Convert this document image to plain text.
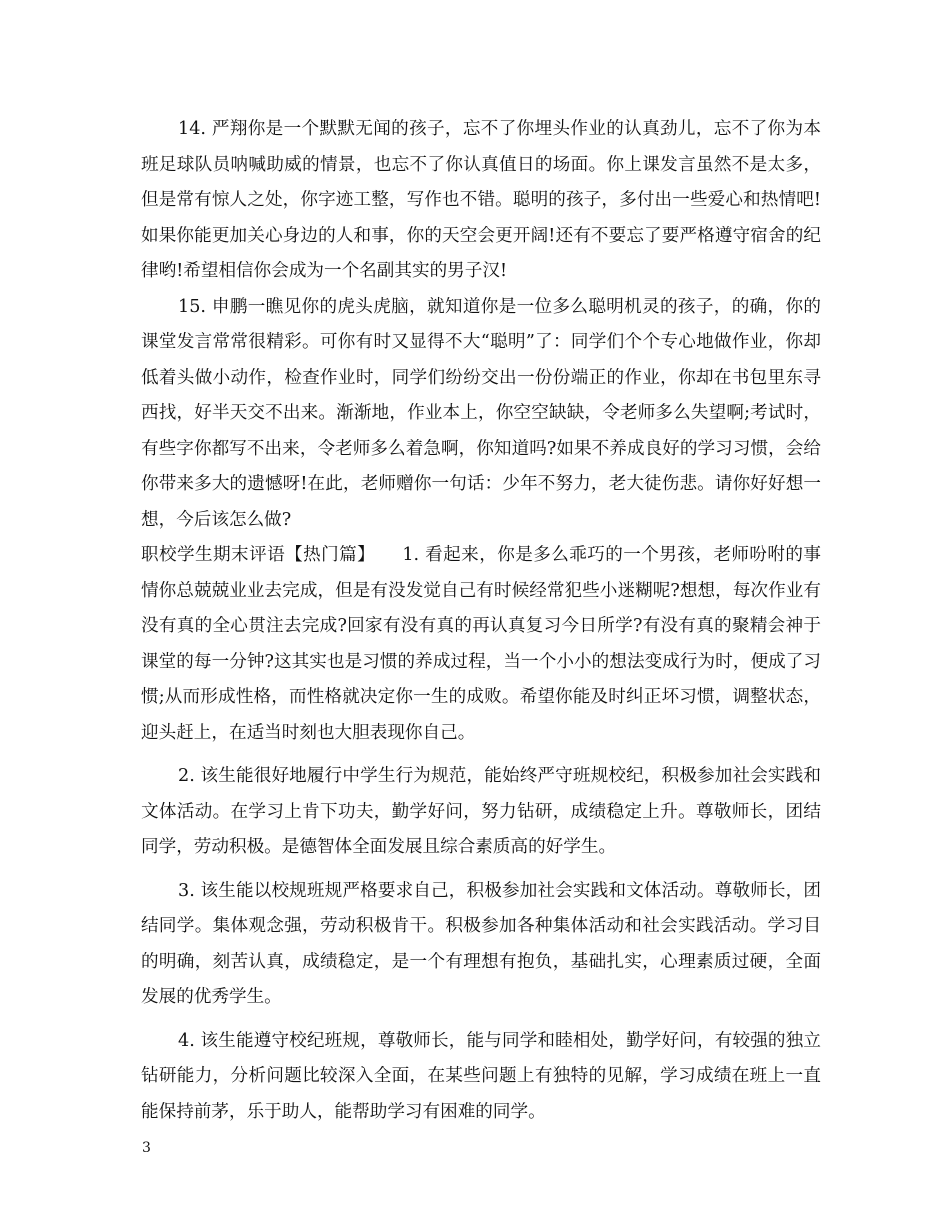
14. 严翔你是一个默默无闻的孩子，忘不了你埋头作业的认真劲儿，忘不了你为本班足球队员呐喊助威的情景，也忘不了你认真值日的场面。你上课发言虽然不是太多，但是常有惊人之处，你字迹工整，写作也不错。聪明的孩子，多付出一些爱心和热情吧!如果你能更加关心身边的人和事，你的天空会更开阔!还有不要忘了要严格遵守宿舍的纪律哟!希望相信你会成为一个名副其实的男子汉!

15. 申鹏一瞧见你的虎头虎脑，就知道你是一位多么聪明机灵的孩子，的确，你的课堂发言常常很精彩。可你有时又显得不大“聪明”了：同学们个个专心地做作业，你却低着头做小动作，检查作业时，同学们纷纷交出一份份端正的作业，你却在书包里东寻西找，好半天交不出来。渐渐地，作业本上，你空空缺缺，令老师多么失望啊;考试时，有些字你都写不出来，令老师多么着急啊，你知道吗?如果不养成良好的学习习惯，会给你带来多大的遗憾呀!在此，老师赠你一句话：少年不努力，老大徒伤悲。请你好好想一想，今后该怎么做?

职校学生期末评语【热门篇】　　1. 看起来，你是多么乖巧的一个男孩，老师吩咐的事情你总兢兢业业去完成，但是有没发觉自己有时候经常犯些小迷糊呢?想想，每次作业有没有真的全心贯注去完成?回家有没有真的再认真复习今日所学?有没有真的聚精会神于课堂的每一分钟?这其实也是习惯的养成过程，当一个小小的想法变成行为时，便成了习惯;从而形成性格，而性格就决定你一生的成败。希望你能及时纠正坏习惯，调整状态，迎头赶上，在适当时刻也大胆表现你自己。

2. 该生能很好地履行中学生行为规范，能始终严守班规校纪，积极参加社会实践和文体活动。在学习上肯下功夫，勤学好问，努力钻研，成绩稳定上升。尊敬师长，团结同学，劳动积极。是德智体全面发展且综合素质高的好学生。

3. 该生能以校规班规严格要求自己，积极参加社会实践和文体活动。尊敬师长，团结同学。集体观念强，劳动积极肯干。积极参加各种集体活动和社会实践活动。学习目的明确，刻苦认真，成绩稳定，是一个有理想有抱负，基础扎实，心理素质过硬，全面发展的优秀学生。

4. 该生能遵守校纪班规，尊敬师长，能与同学和睦相处，勤学好问，有较强的独立钻研能力，分析问题比较深入全面，在某些问题上有独特的见解，学习成绩在班上一直能保持前茅，乐于助人，能帮助学习有困难的同学。

3
